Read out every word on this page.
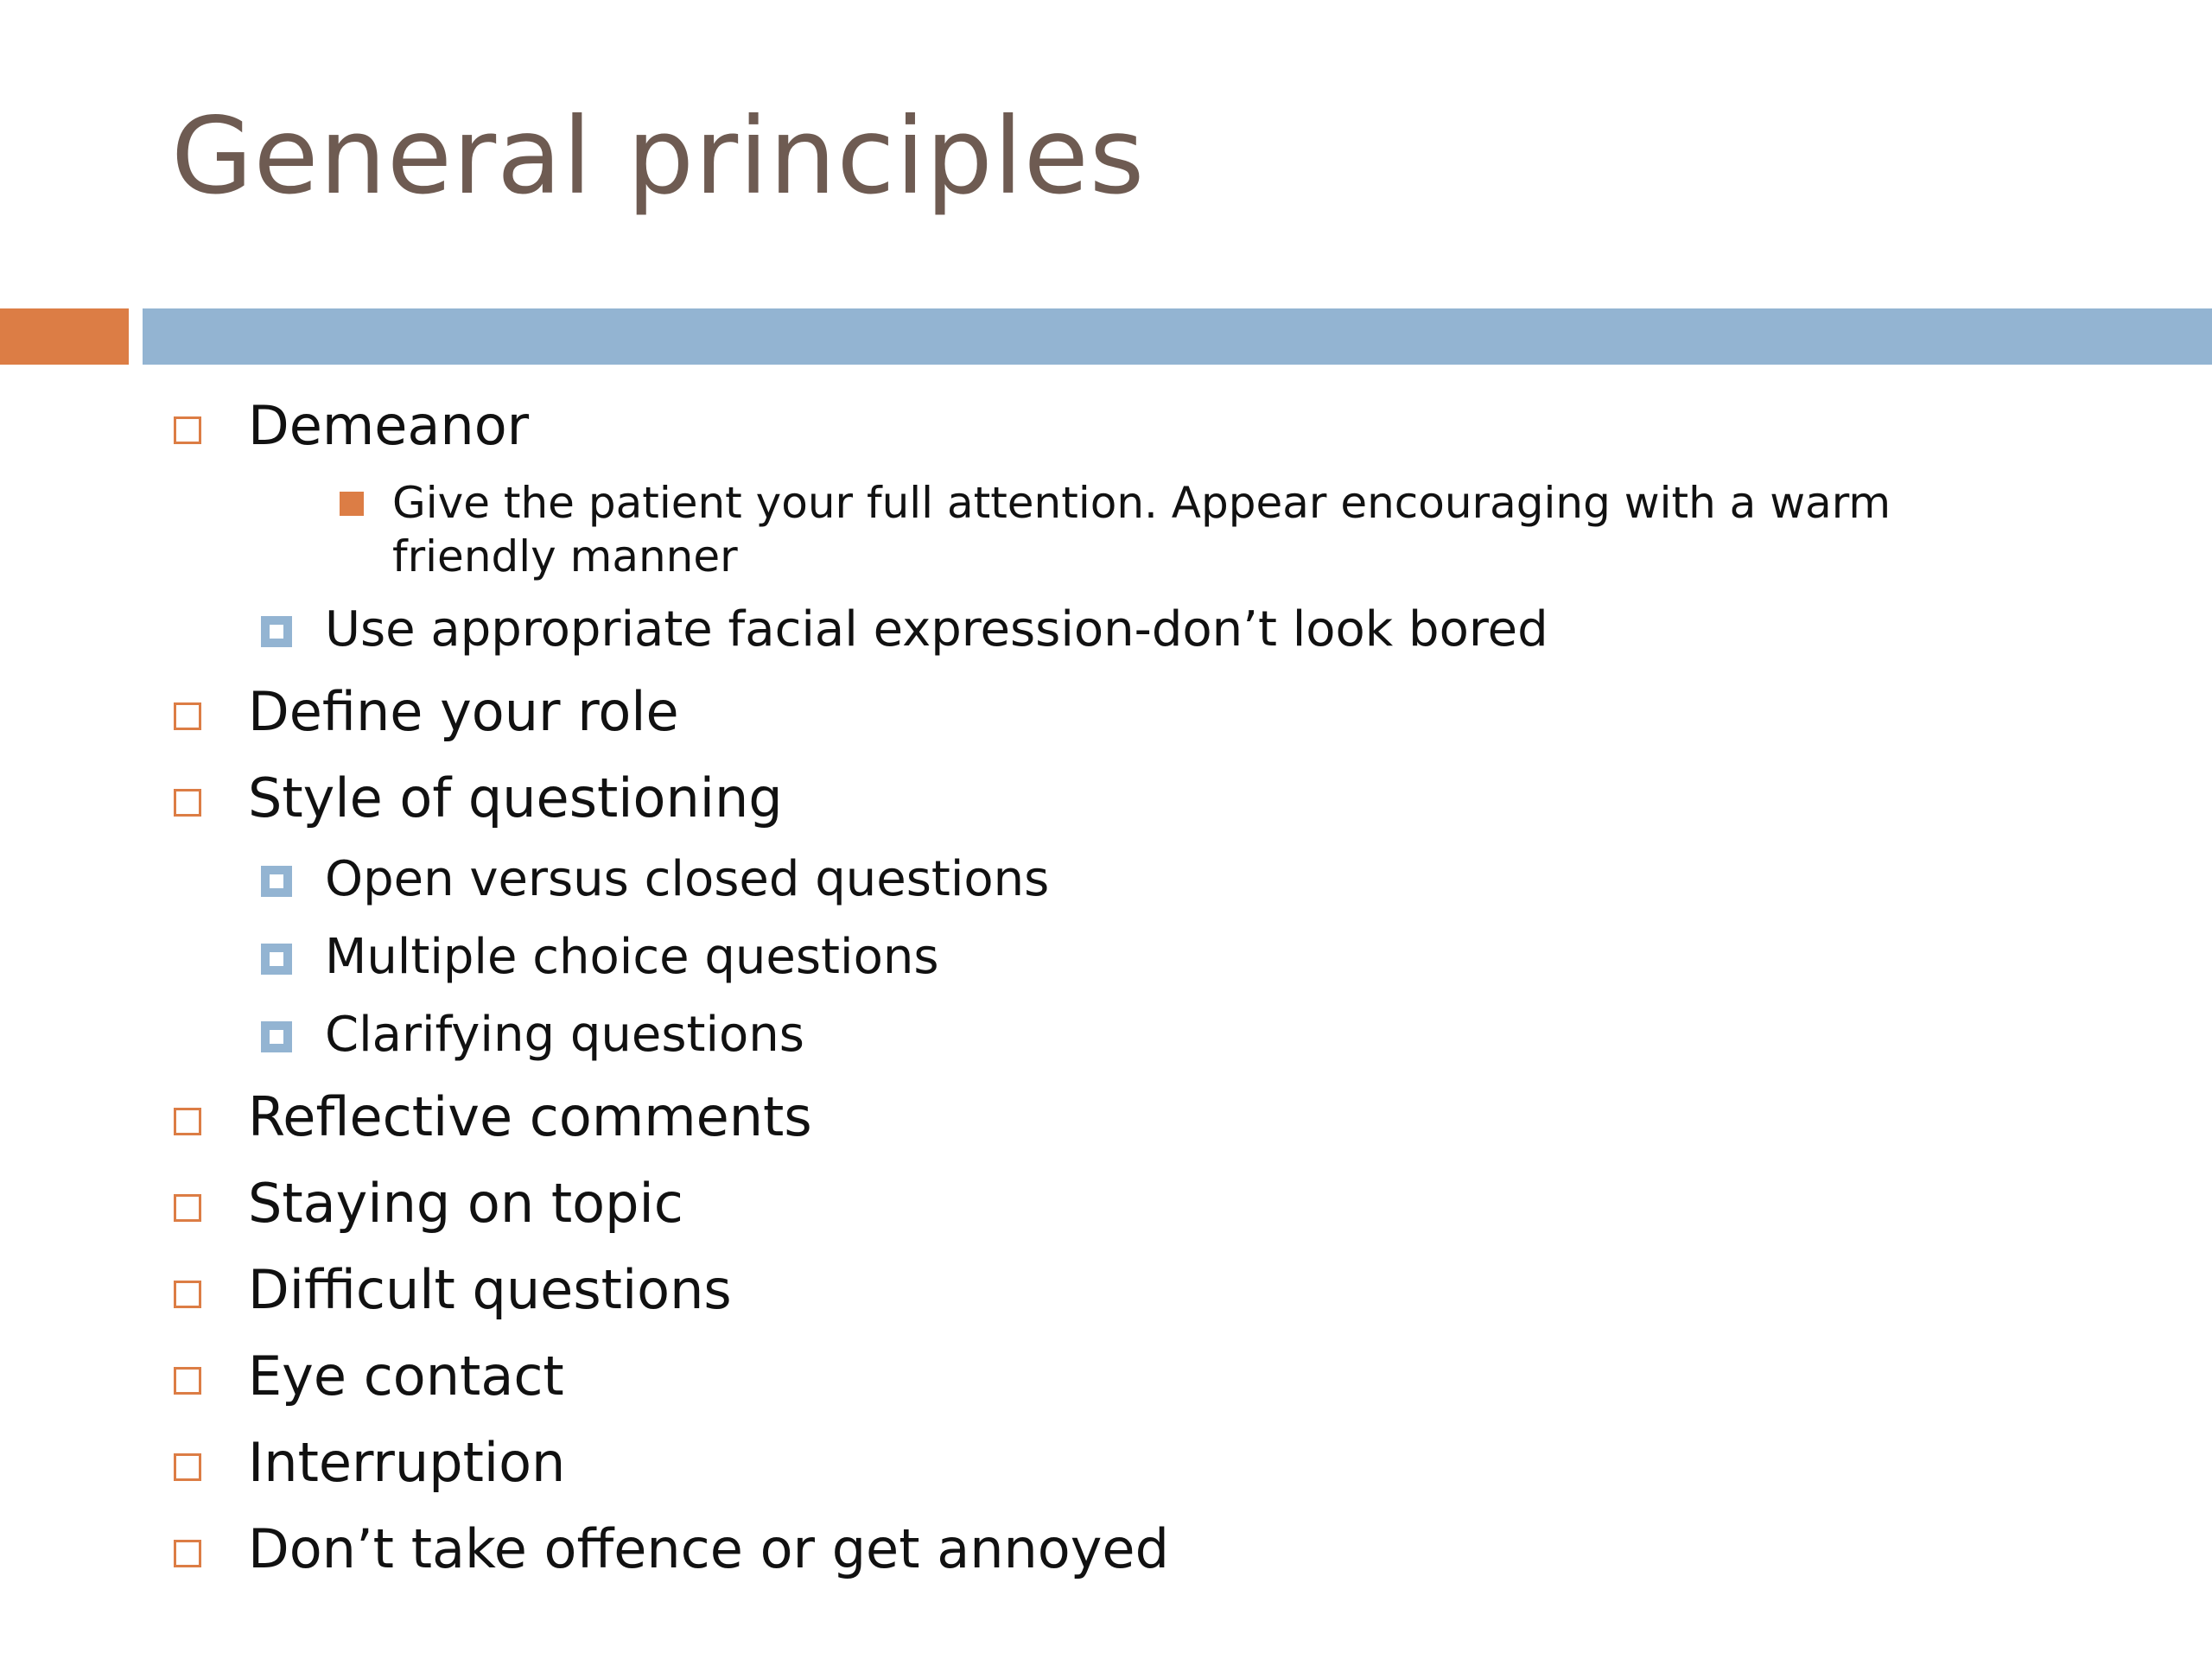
General principles
Demeanor
Give the patient your full attention. Appear encouraging with a warm friendly manner
Use appropriate facial expression-don’t look bored
Define your role
Style of questioning
Open versus closed questions
Multiple choice questions
Clarifying questions
Reflective comments
Staying on topic
Difficult questions
Eye contact
Interruption
Don’t take offence or get annoyed
